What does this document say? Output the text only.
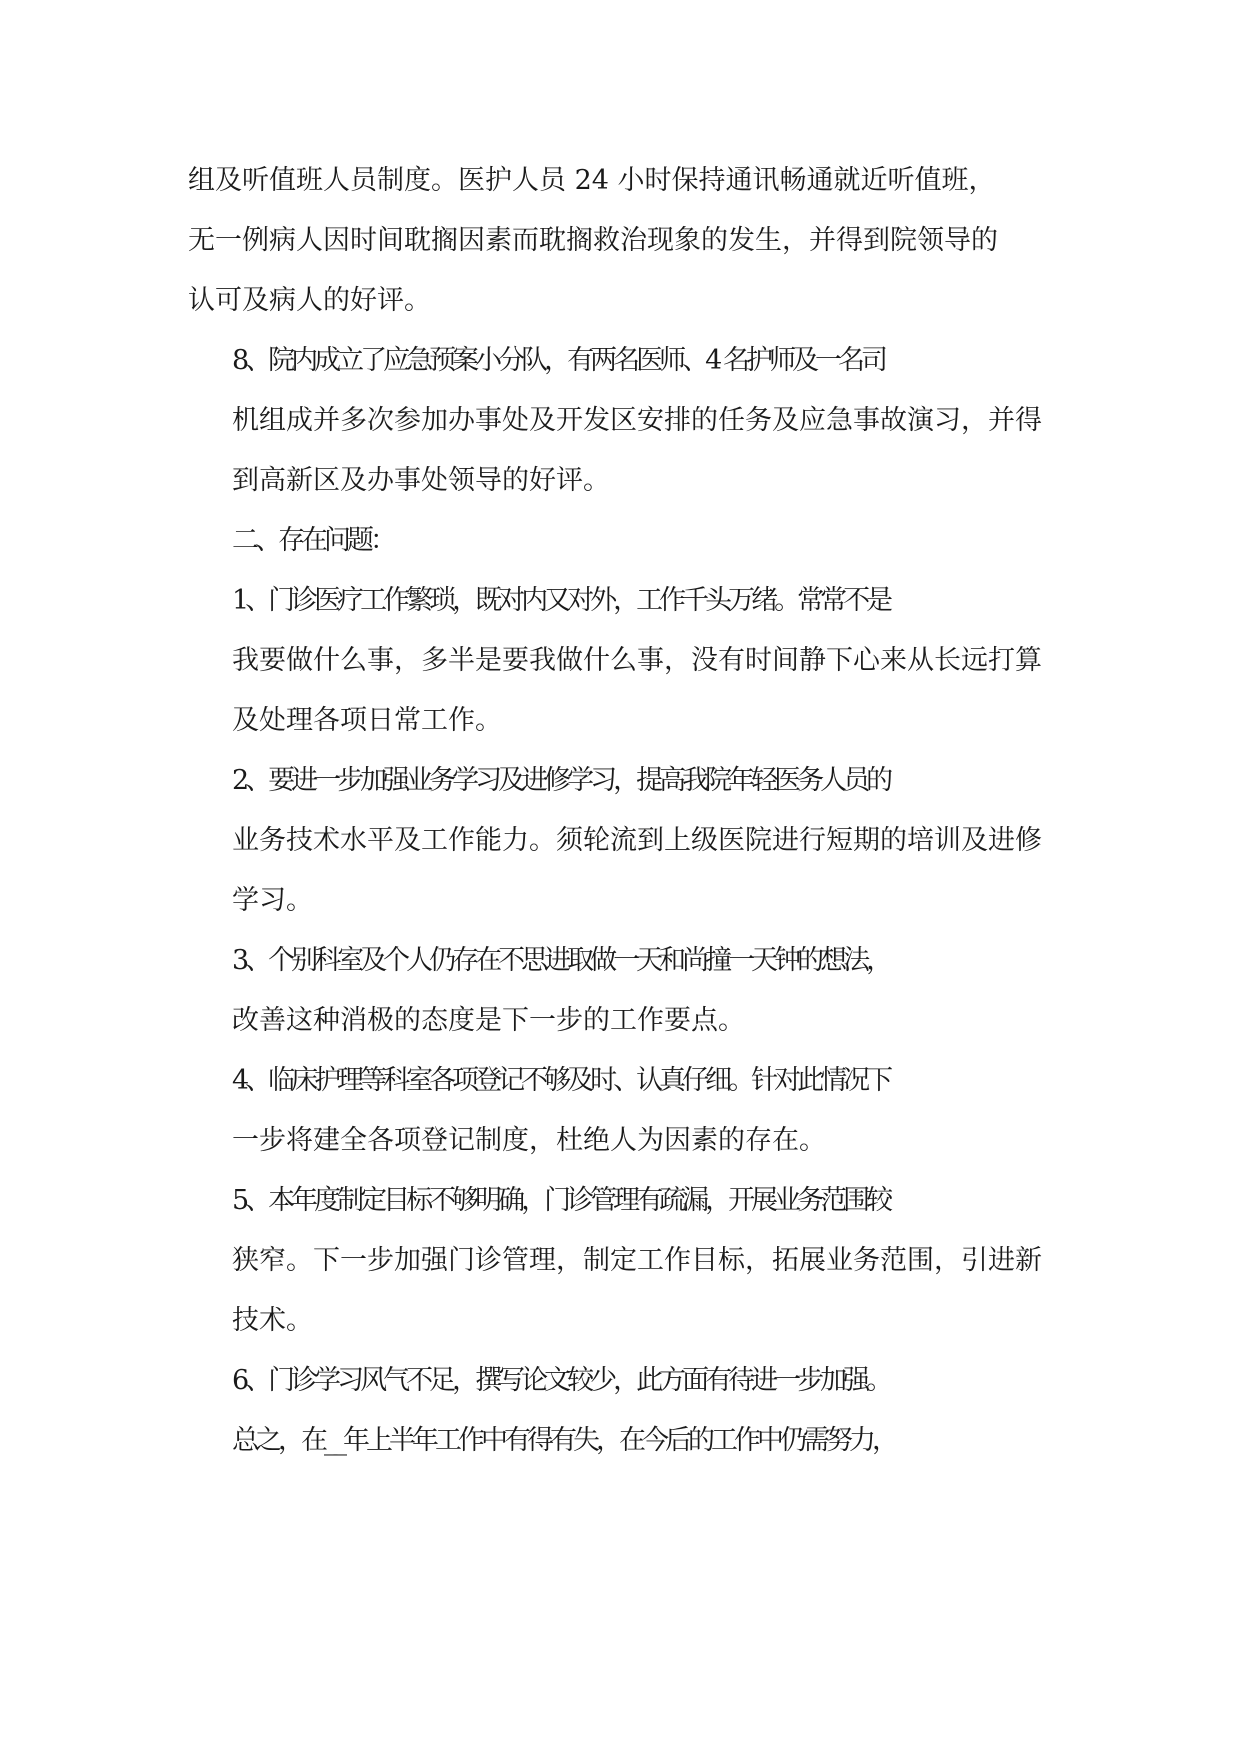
组及听值班人员制度。医护人员 24 小时保持通讯畅通就近听值班，
无一例病人因时间耽搁因素而耽搁救治现象的发生，并得到院领导的
认可及病人的好评。
8、院内成立了应急预案小分队，有两名医师、4 名护师及一名司
机组成并多次参加办事处及开发区安排的任务及应急事故演习，并得
到高新区及办事处领导的好评。
二、存在问题：
1、门诊医疗工作繁琐，既对内又对外，工作千头万绪。常常不是
我要做什么事，多半是要我做什么事，没有时间静下心来从长远打算
及处理各项日常工作。
2、要进一步加强业务学习及进修学习，提高我院年轻医务人员的
业务技术水平及工作能力。须轮流到上级医院进行短期的培训及进修
学习。
3、个别科室及个人仍存在不思进取做一天和尚撞一天钟的想法，
改善这种消极的态度是下一步的工作要点。
4、临床护理等科室各项登记不够及时、认真仔细。针对此情况下
一步将建全各项登记制度，杜绝人为因素的存在。
5、本年度制定目标不够明确，门诊管理有疏漏，开展业务范围较
狭窄。下一步加强门诊管理，制定工作目标，拓展业务范围，引进新
技术。
6、门诊学习风气不足，撰写论文较少，此方面有待进一步加强。
总之，在__年上半年工作中有得有失，在今后的工作中仍需努力，
